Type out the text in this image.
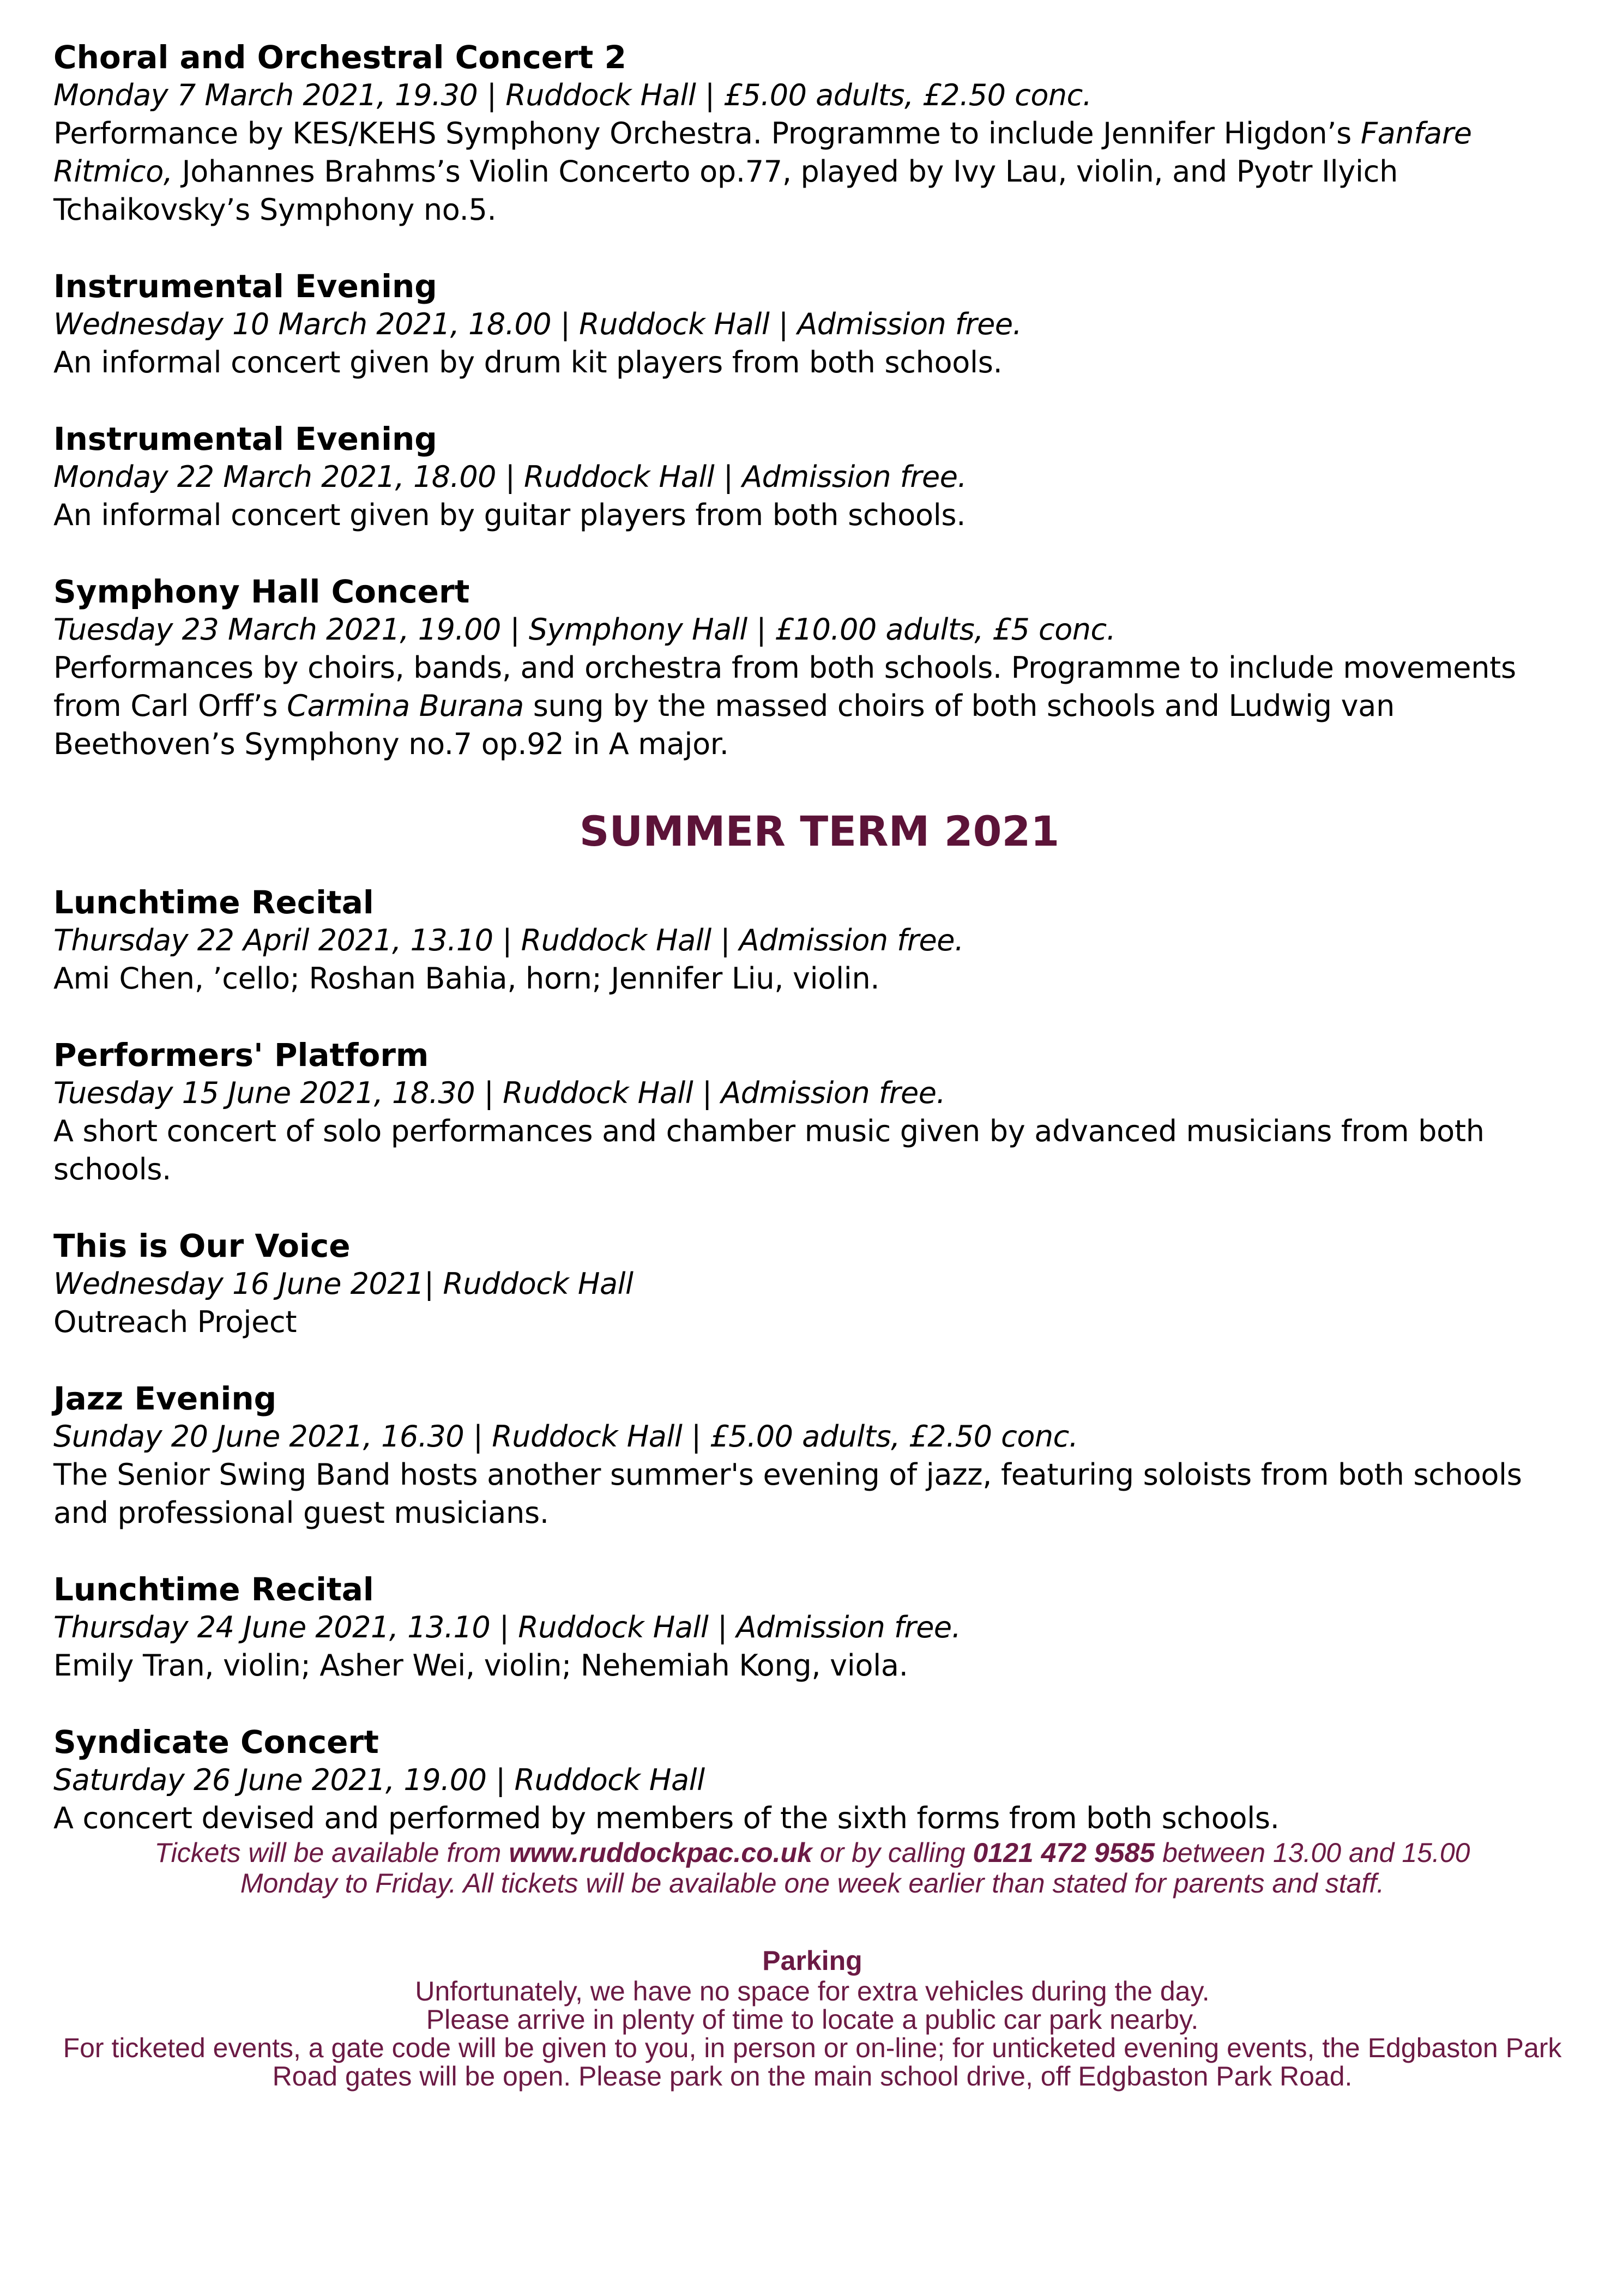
Choral and Orchestral Concert 2
Monday 7 March 2021, 19.30 | Ruddock Hall | £5.00 adults, £2.50 conc.
Performance by KES/KEHS Symphony Orchestra. Programme to include Jennifer Higdon’s Fanfare Ritmico, Johannes Brahms’s Violin Concerto op.77, played by Ivy Lau, violin, and Pyotr Ilyich Tchaikovsky’s Symphony no.5.
Instrumental Evening
Wednesday 10 March 2021, 18.00 | Ruddock Hall | Admission free.
An informal concert given by drum kit players from both schools.
Instrumental Evening
Monday 22 March 2021, 18.00 | Ruddock Hall | Admission free.
An informal concert given by guitar players from both schools.
Symphony Hall Concert
Tuesday 23 March 2021, 19.00 | Symphony Hall | £10.00 adults, £5 conc.
Performances by choirs, bands, and orchestra from both schools. Programme to include movements from Carl Orff’s Carmina Burana sung by the massed choirs of both schools and Ludwig van Beethoven’s Symphony no.7 op.92 in A major.
SUMMER TERM 2021
Lunchtime Recital
Thursday 22 April 2021, 13.10 | Ruddock Hall | Admission free.
Ami Chen, ’cello; Roshan Bahia, horn; Jennifer Liu, violin.
Performers' Platform
Tuesday 15 June 2021, 18.30 | Ruddock Hall | Admission free.
A short concert of solo performances and chamber music given by advanced musicians from both schools.
This is Our Voice
Wednesday 16 June 2021| Ruddock Hall
Outreach Project
Jazz Evening
Sunday 20 June 2021, 16.30 | Ruddock Hall | £5.00 adults, £2.50 conc.
The Senior Swing Band hosts another summer's evening of jazz, featuring soloists from both schools and professional guest musicians.
Lunchtime Recital
Thursday 24 June 2021, 13.10 | Ruddock Hall | Admission free.
Emily Tran, violin; Asher Wei, violin; Nehemiah Kong, viola.
Syndicate Concert
Saturday 26 June 2021, 19.00 | Ruddock Hall
A concert devised and performed by members of the sixth forms from both schools.
Tickets will be available from www.ruddockpac.co.uk or by calling 0121 472 9585 between 13.00 and 15.00
Monday to Friday. All tickets will be available one week earlier than stated for parents and staff.
Parking
Unfortunately, we have no space for extra vehicles during the day.
Please arrive in plenty of time to locate a public car park nearby.
For ticketed events, a gate code will be given to you, in person or on-line; for unticketed evening events, the Edgbaston Park Road gates will be open. Please park on the main school drive, off Edgbaston Park Road.
